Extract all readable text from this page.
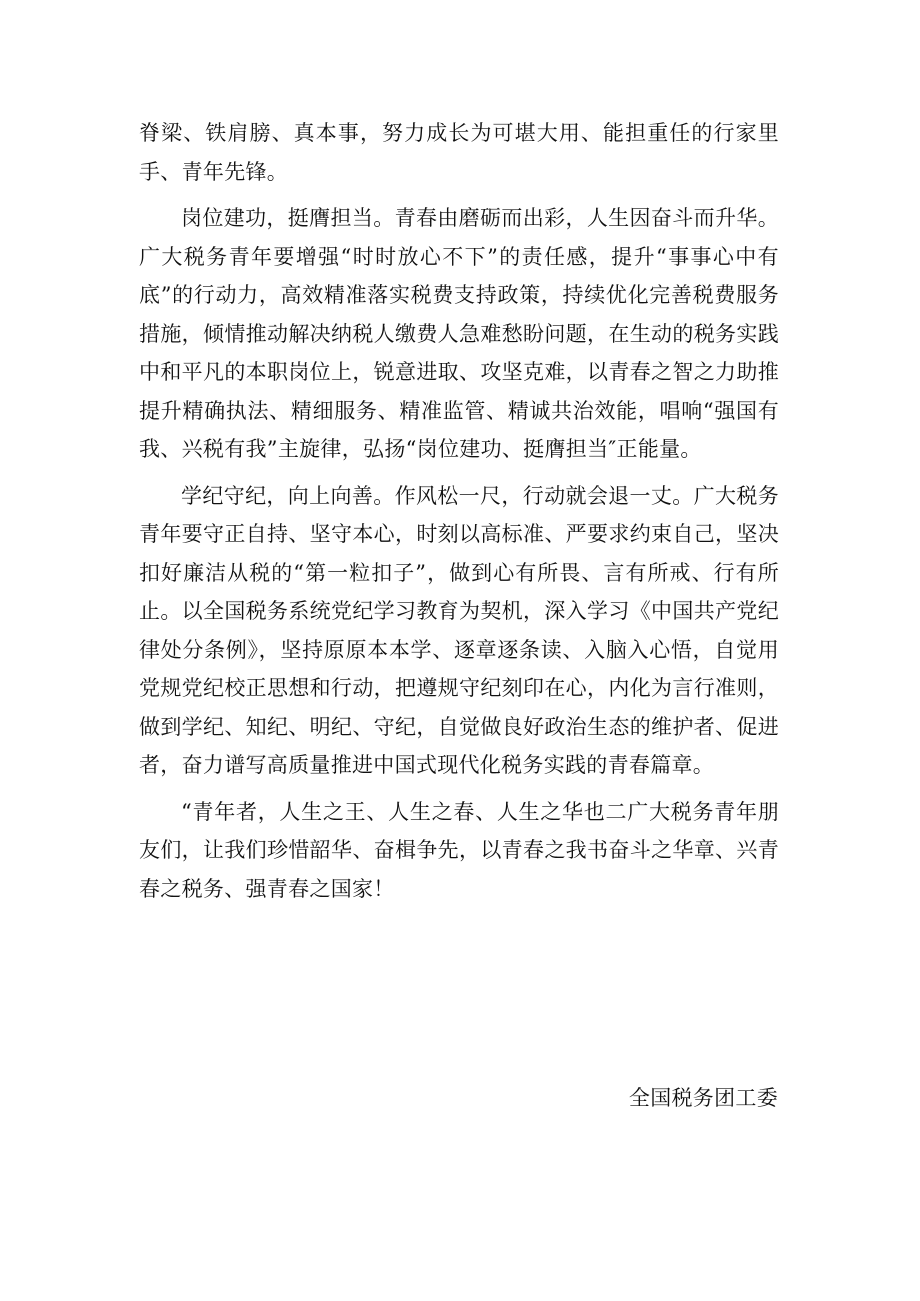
脊梁、铁肩膀、真本事，努力成长为可堪大用、能担重任的行家里手、青年先锋。

岗位建功，挺膺担当。青春由磨砺而出彩，人生因奋斗而升华。广大税务青年要增强“时时放心不下”的责任感，提升“事事心中有底”的行动力，高效精准落实税费支持政策，持续优化完善税费服务措施，倾情推动解决纳税人缴费人急难愁盼问题，在生动的税务实践中和平凡的本职岗位上，锐意进取、攻坚克难，以青春之智之力助推提升精确执法、精细服务、精准监管、精诚共治效能，唱响“强国有我、兴税有我”主旋律，弘扬“岗位建功、挺膺担当″正能量。

学纪守纪，向上向善。作风松一尺，行动就会退一丈。广大税务青年要守正自持、坚守本心，时刻以高标准、严要求约束自己，坚决扣好廉洁从税的“第一粒扣子”，做到心有所畏、言有所戒、行有所止。以全国税务系统党纪学习教育为契机，深入学习《中国共产党纪律处分条例》，坚持原原本本学、逐章逐条读、入脑入心悟，自觉用党规党纪校正思想和行动，把遵规守纪刻印在心，内化为言行准则，做到学纪、知纪、明纪、守纪，自觉做良好政治生态的维护者、促进者，奋力谱写高质量推进中国式现代化税务实践的青春篇章。

“青年者，人生之王、人生之春、人生之华也二广大税务青年朋友们，让我们珍惜韶华、奋楫争先，以青春之我书奋斗之华章、兴青春之税务、强青春之国家！

全国税务团工委
